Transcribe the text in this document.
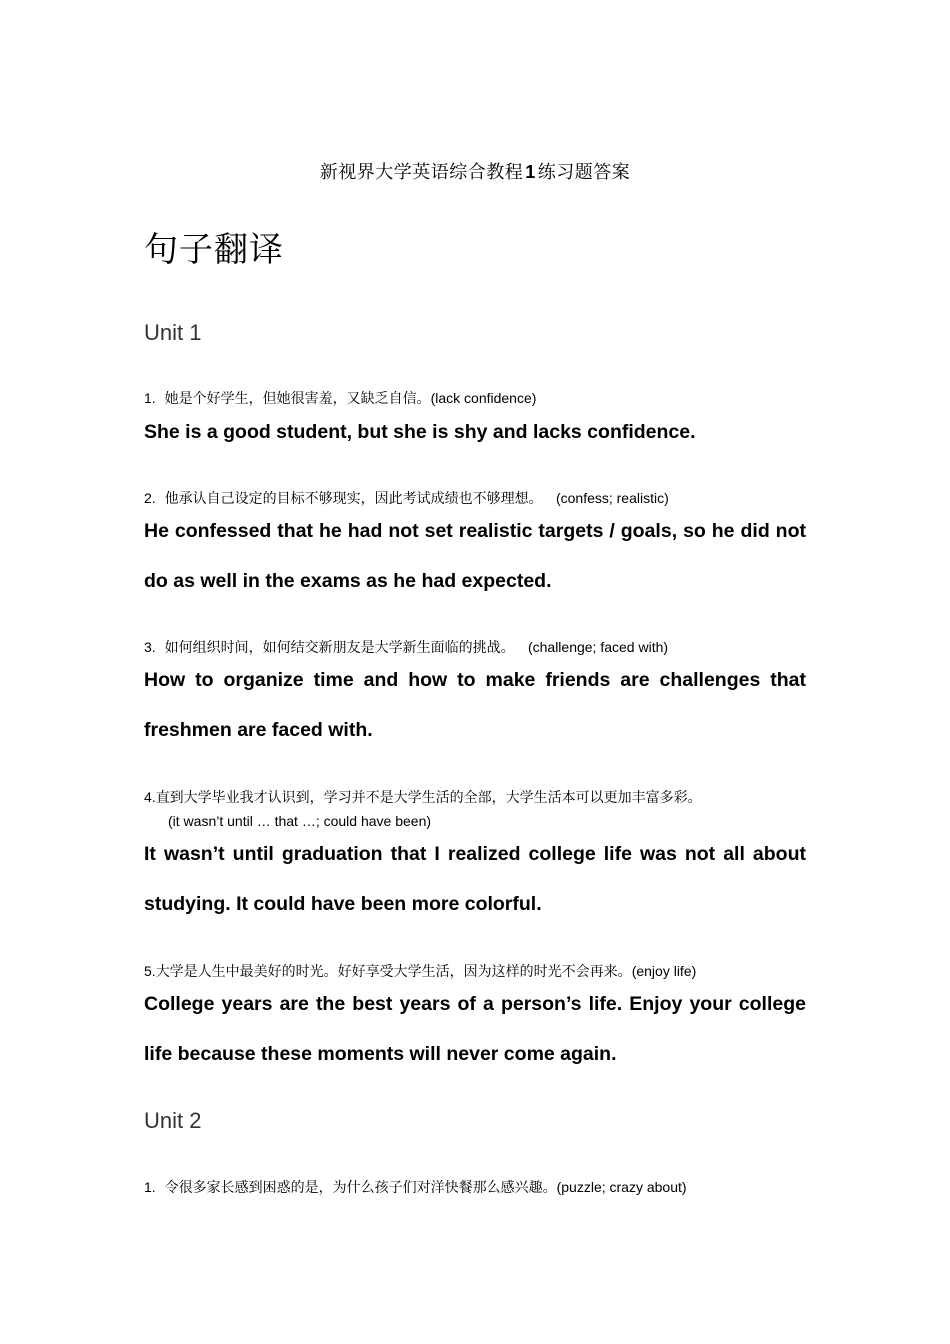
新视界大学英语综合教程 1 练习题答案
句子翻译
Unit 1
1. 她是个好学生，但她很害羞，又缺乏自信。(lack confidence)
She is a good student, but she is shy and lacks confidence.
2. 他承认自己设定的目标不够现实，因此考试成绩也不够理想。 (confess; realistic)
He confessed that he had not set realistic targets / goals, so he did not do as well in the exams as he had expected.
3. 如何组织时间，如何结交新朋友是大学新生面临的挑战。 (challenge; faced with)
How to organize time and how to make friends are challenges that freshmen are faced with.
4.直到大学毕业我才认识到，学习并不是大学生活的全部，大学生活本可以更加丰富多彩。
(it wasn’t until … that …; could have been)
It wasn’t until graduation that I realized college life was not all about studying. It could have been more colorful.
5.大学是人生中最美好的时光。好好享受大学生活，因为这样的时光不会再来。(enjoy life)
College years are the best years of a person’s life. Enjoy your college life because these moments will never come again.
Unit 2
1. 令很多家长感到困惑的是，为什么孩子们对洋快餐那么感兴趣。(puzzle; crazy about)
